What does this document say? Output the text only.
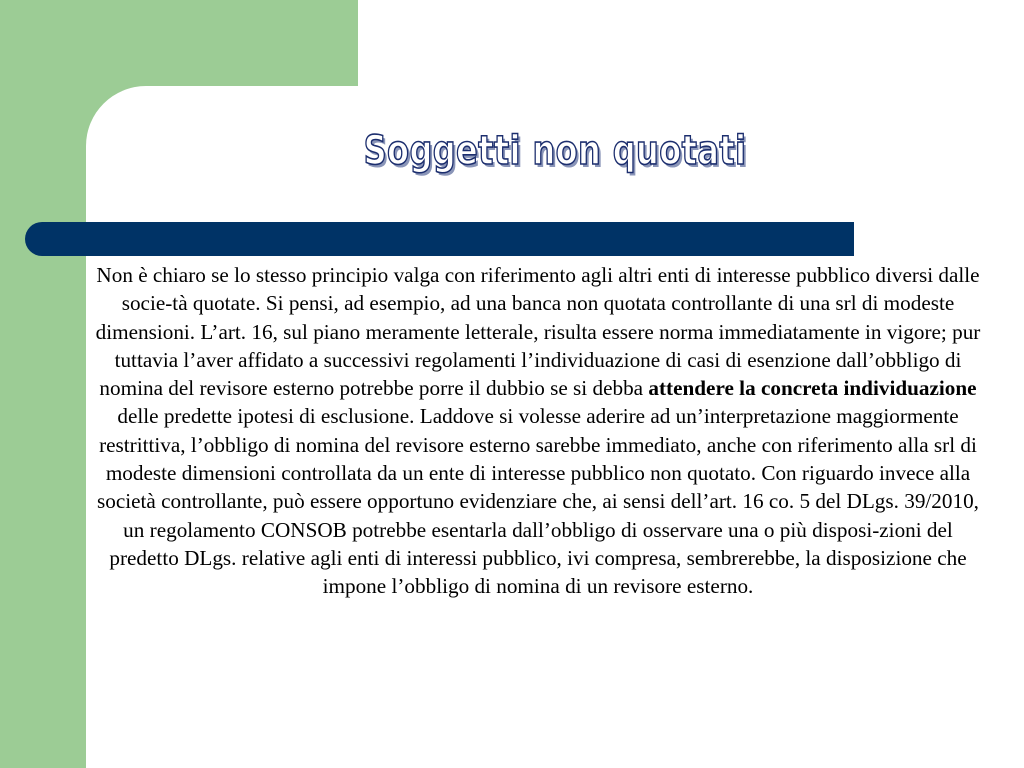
Soggetti non quotati

Non è chiaro se lo stesso principio valga con riferimento agli altri enti di interesse pubblico diversi dalle socie-tà quotate. Si pensi, ad esempio, ad una banca non quotata controllante di una srl di modeste dimensioni. L’art. 16, sul piano meramente letterale, risulta essere norma immediatamente in vigore; pur tuttavia l’aver affidato a successivi regolamenti l’individuazione di casi di esenzione dall’obbligo di nomina del revisore esterno potrebbe porre il dubbio se si debba attendere la concreta individuazione delle predette ipotesi di esclusione. Laddove si volesse aderire ad un’interpretazione maggiormente restrittiva, l’obbligo di nomina del revisore esterno sarebbe immediato, anche con riferimento alla srl di modeste dimensioni controllata da un ente di interesse pubblico non quotato. Con riguardo invece alla società controllante, può essere opportuno evidenziare che, ai sensi dell’art. 16 co. 5 del DLgs. 39/2010, un regolamento CONSOB potrebbe esentarla dall’obbligo di osservare una o più disposi-zioni del predetto DLgs. relative agli enti di interessi pubblico, ivi compresa, sembrerebbe, la disposizione che impone l’obbligo di nomina di un revisore esterno.
